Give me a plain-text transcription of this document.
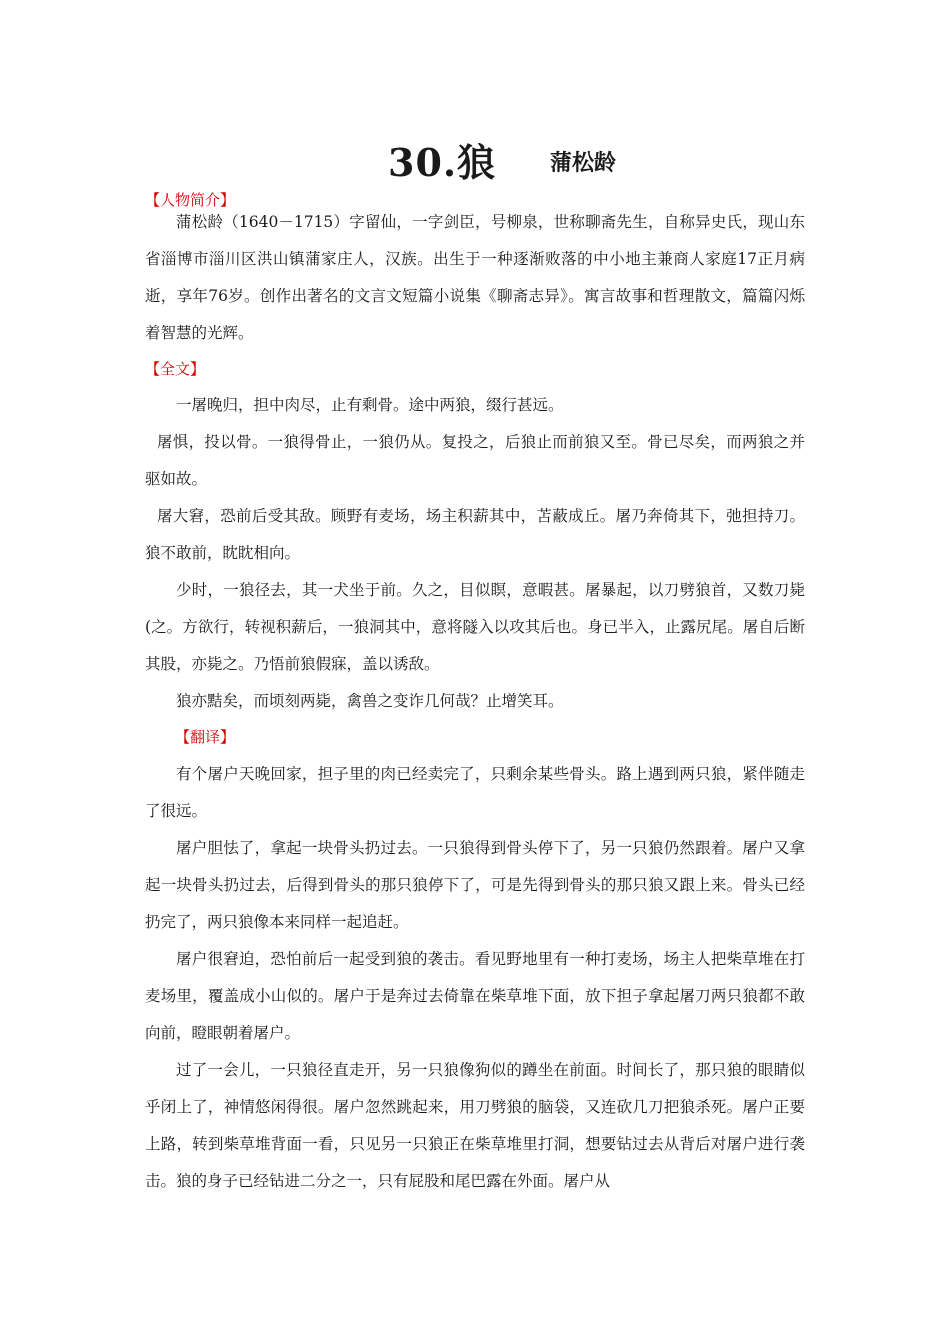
30.狼 蒲松龄
【人物简介】
蒲松龄（1640－1715）字留仙，一字剑臣，号柳泉，世称聊斋先生，自称异史氏，现山东省淄博市淄川区洪山镇蒲家庄人，汉族。出生于一种逐渐败落的中小地主兼商人家庭17正月病逝，享年76岁。创作出著名的文言文短篇小说集《聊斋志异》。寓言故事和哲理散文，篇篇闪烁着智慧的光辉。
【全文】
一屠晚归，担中肉尽，止有剩骨。途中两狼，缀行甚远。
屠惧，投以骨。一狼得骨止，一狼仍从。复投之，后狼止而前狼又至。骨已尽矣，而两狼之并驱如故。
屠大窘，恐前后受其敌。顾野有麦场，场主积薪其中，苫蔽成丘。屠乃奔倚其下，弛担持刀。狼不敢前，眈眈相向。
少时，一狼径去，其一犬坐于前。久之，目似瞑，意暇甚。屠暴起，以刀劈狼首，又数刀毙(之。方欲行，转视积薪后，一狼洞其中，意将隧入以攻其后也。身已半入，止露尻尾。屠自后断其股，亦毙之。乃悟前狼假寐，盖以诱敌。
狼亦黠矣，而顷刻两毙，禽兽之变诈几何哉？止增笑耳。
【翻译】
有个屠户天晚回家，担子里的肉已经卖完了，只剩余某些骨头。路上遇到两只狼，紧伴随走了很远。
屠户胆怯了，拿起一块骨头扔过去。一只狼得到骨头停下了，另一只狼仍然跟着。屠户又拿起一块骨头扔过去，后得到骨头的那只狼停下了，可是先得到骨头的那只狼又跟上来。骨头已经扔完了，两只狼像本来同样一起追赶。
屠户很窘迫，恐怕前后一起受到狼的袭击。看见野地里有一种打麦场，场主人把柴草堆在打麦场里，覆盖成小山似的。屠户于是奔过去倚靠在柴草堆下面，放下担子拿起屠刀两只狼都不敢向前，瞪眼朝着屠户。
过了一会儿，一只狼径直走开，另一只狼像狗似的蹲坐在前面。时间长了，那只狼的眼睛似乎闭上了，神情悠闲得很。屠户忽然跳起来，用刀劈狼的脑袋，又连砍几刀把狼杀死。屠户正要上路，转到柴草堆背面一看，只见另一只狼正在柴草堆里打洞，想要钻过去从背后对屠户进行袭击。狼的身子已经钻进二分之一，只有屁股和尾巴露在外面。屠户从
